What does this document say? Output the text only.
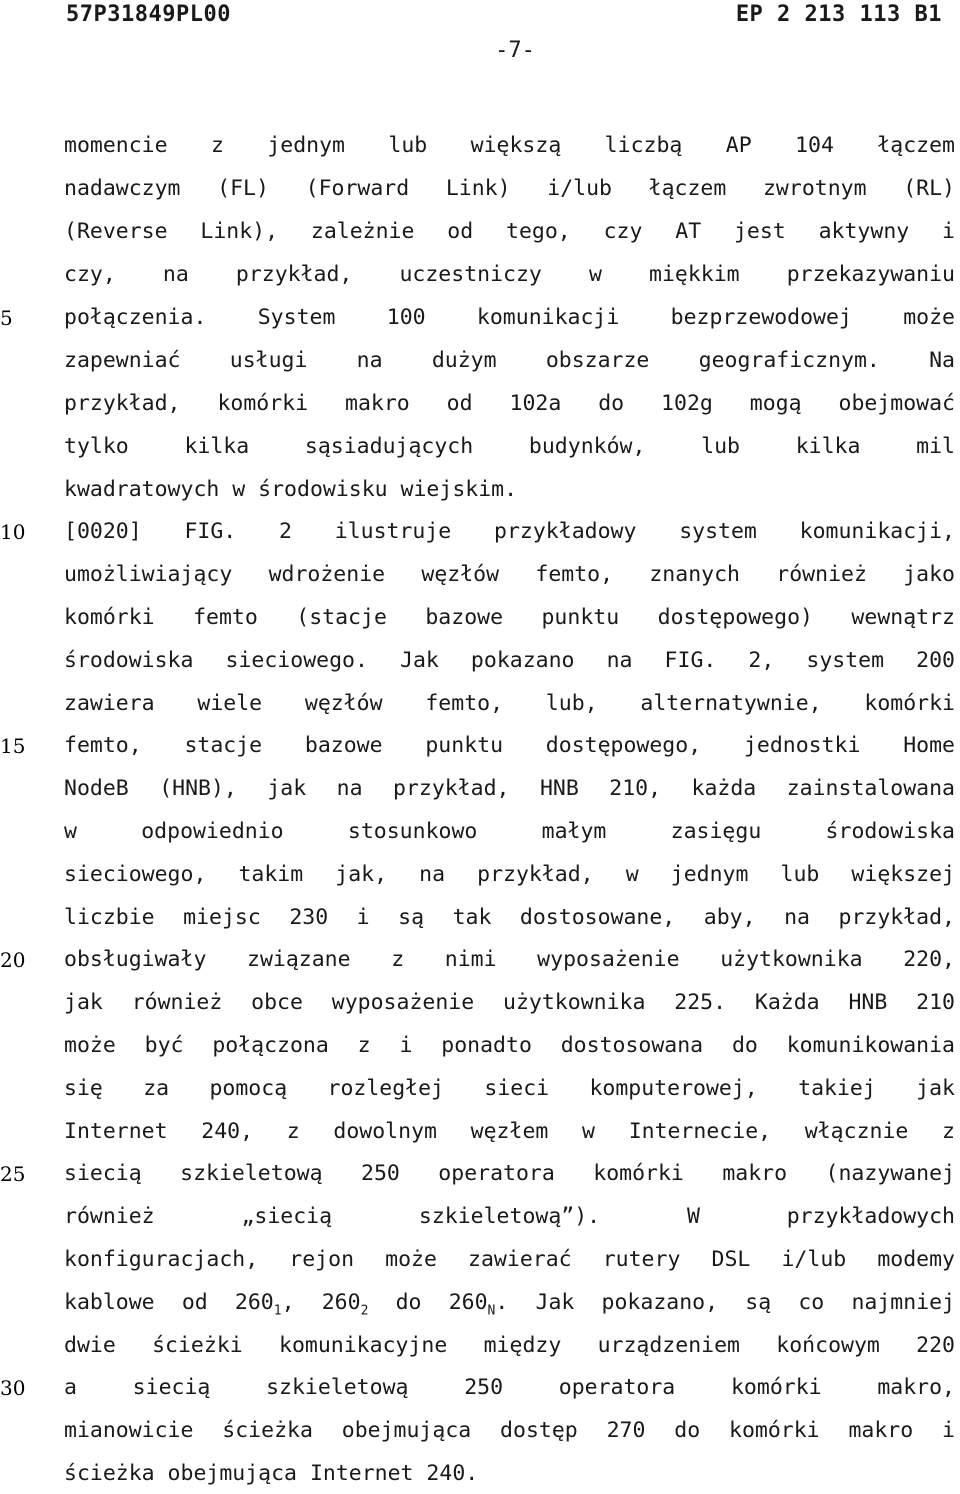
57P31849PL00	EP 2 213 113 B1
-7-
5
10
15
20
25
30
momencie z jednym lub większą liczbą AP 104 łączem
nadawczym (FL) (Forward Link) i/lub łączem zwrotnym (RL)
(Reverse Link), zależnie od tego, czy AT jest aktywny i
czy, na przykład, uczestniczy w miękkim przekazywaniu
połączenia. System 100 komunikacji bezprzewodowej może
zapewniać usługi na dużym obszarze geograficznym. Na
przykład, komórki makro od 102a do 102g mogą obejmować
tylko kilka sąsiadujących budynków, lub kilka mil
kwadratowych w środowisku wiejskim.
[0020] FIG. 2 ilustruje przykładowy system komunikacji,
umożliwiający wdrożenie węzłów femto, znanych również jako
komórki femto (stacje bazowe punktu dostępowego) wewnątrz
środowiska sieciowego. Jak pokazano na FIG. 2, system 200
zawiera wiele węzłów femto, lub, alternatywnie, komórki
femto, stacje bazowe punktu dostępowego, jednostki Home
NodeB (HNB), jak na przykład, HNB 210, każda zainstalowana
w odpowiednio stosunkowo małym zasięgu środowiska
sieciowego, takim jak, na przykład, w jednym lub większej
liczbie miejsc 230 i są tak dostosowane, aby, na przykład,
obsługiwały związane z nimi wyposażenie użytkownika 220,
jak również obce wyposażenie użytkownika 225. Każda HNB 210
może być połączona z i ponadto dostosowana do komunikowania
się za pomocą rozległej sieci komputerowej, takiej jak
Internet 240, z dowolnym węzłem w Internecie, włącznie z
siecią szkieletową 250 operatora komórki makro (nazywanej
również „siecią szkieletową”). W przykładowych
konfiguracjach, rejon może zawierać rutery DSL i/lub modemy
kablowe od $260_1$, $260_2$ do $260_N$. Jak pokazano, są co najmniej
dwie ścieżki komunikacyjne między urządzeniem końcowym 220
a siecią szkieletową 250 operatora komórki makro,
mianowicie ścieżka obejmująca dostęp 270 do komórki makro i
ścieżka obejmująca Internet 240.
